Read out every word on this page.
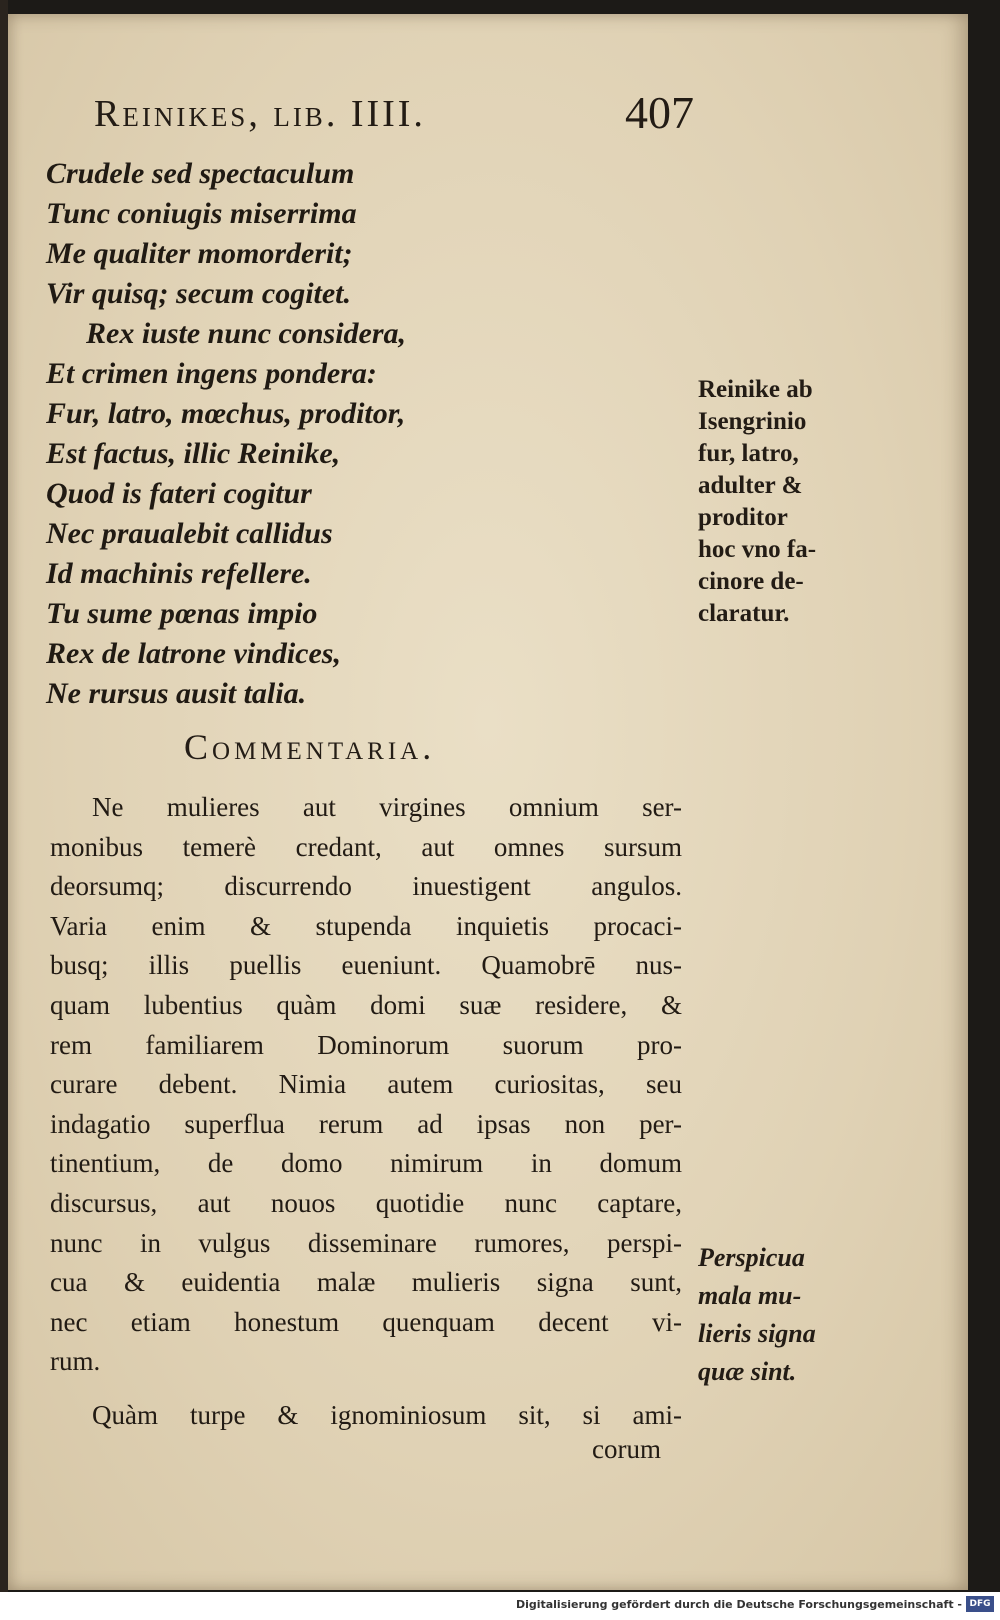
Reinikes, lib. IIII.	407
Crudele sed spectaculum
Tunc coniugis miserrima
Me qualiter momorderit;
Vir quisq; secum cogitet.
Rex iuste nunc considera,
Et crimen ingens pondera:
Fur, latro, mœchus, proditor,
Est factus, illic Reinike,
Quod is fateri cogitur
Nec praualebit callidus
Id machinis refellere.
Tu sume pœnas impio
Rex de latrone vindices,
Ne rursus ausit talia.
Reinike ab
Isengrinio
fur, latro,
adulter &
proditor
hoc vno fa-
cinore de-
claratur.
Commentaria.
Ne mulieres aut virgines omnium ser-
monibus temerè credant, aut omnes sursum
deorsumq; discurrendo inuestigent angulos.
Varia enim & stupenda inquietis procaci-
busq; illis puellis eueniunt. Quamobrē nus-
quam lubentius quàm domi suæ residere, &
rem familiarem Dominorum suorum pro-
curare debent. Nimia autem curiositas, seu
indagatio superflua rerum ad ipsas non per-
tinentium, de domo nimirum in domum
discursus, aut nouos quotidie nunc captare,
nunc in vulgus disseminare rumores, perspi-
cua & euidentia malæ mulieris signa sunt,
nec etiam honestum quenquam decent vi-
rum.
Perspicua
mala mu-
lieris signa
quæ sint.
Quàm turpe & ignominiosum sit, si ami-
corum
Digitalisierung gefördert durch die Deutsche Forschungsgemeinschaft - DFG
